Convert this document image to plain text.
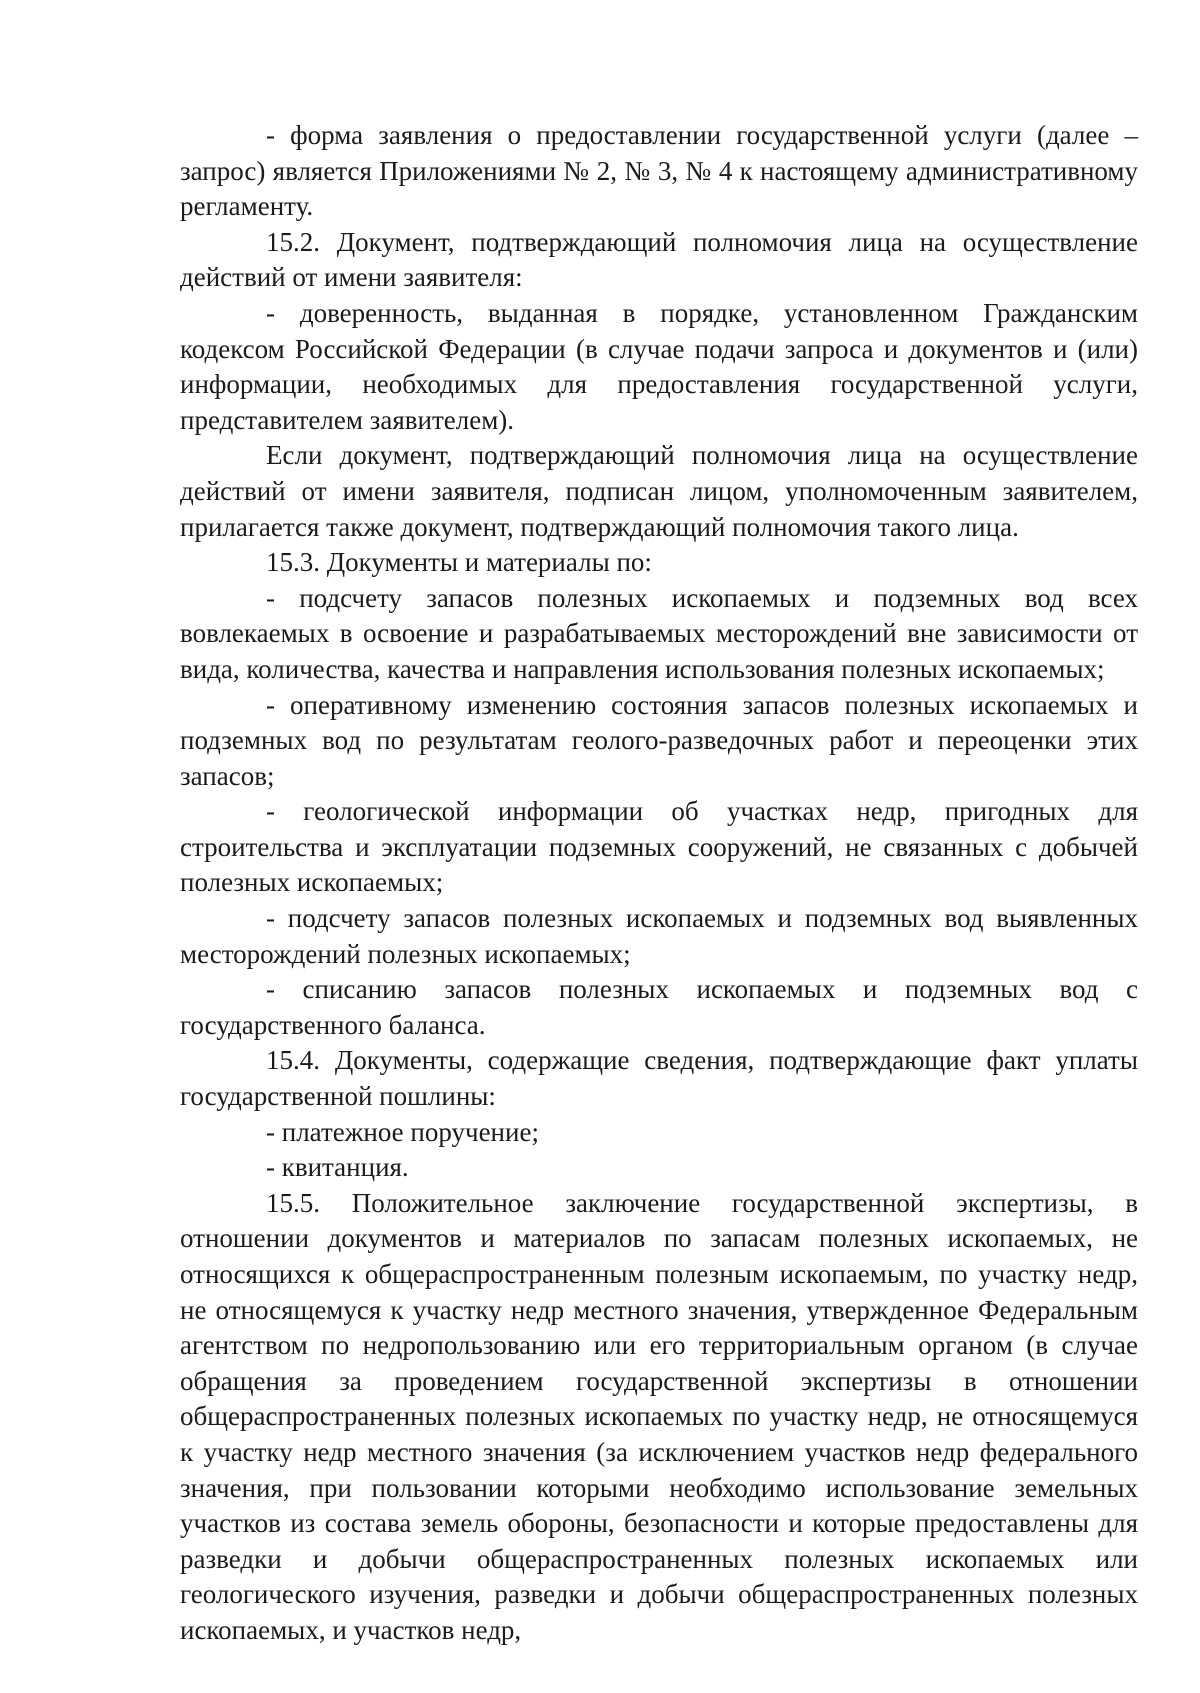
- форма заявления о предоставлении государственной услуги (далее – запрос) является Приложениями № 2, № 3, № 4 к настоящему административному регламенту.

15.2. Документ, подтверждающий полномочия лица на осуществление действий от имени заявителя:

- доверенность, выданная в порядке, установленном Гражданским кодексом Российской Федерации (в случае подачи запроса и документов и (или) информации, необходимых для предоставления государственной услуги, представителем заявителем).

Если документ, подтверждающий полномочия лица на осуществление действий от имени заявителя, подписан лицом, уполномоченным заявителем, прилагается также документ, подтверждающий полномочия такого лица.

15.3. Документы и материалы по:

- подсчету запасов полезных ископаемых и подземных вод всех вовлекаемых в освоение и разрабатываемых месторождений вне зависимости от вида, количества, качества и направления использования полезных ископаемых;

- оперативному изменению состояния запасов полезных ископаемых и подземных вод по результатам геолого-разведочных работ и переоценки этих запасов;

- геологической информации об участках недр, пригодных для строительства и эксплуатации подземных сооружений, не связанных с добычей полезных ископаемых;

- подсчету запасов полезных ископаемых и подземных вод выявленных месторождений полезных ископаемых;

- списанию запасов полезных ископаемых и подземных вод с государственного баланса.

15.4. Документы, содержащие сведения, подтверждающие факт уплаты государственной пошлины:

- платежное поручение;

- квитанция.

15.5. Положительное заключение государственной экспертизы, в отношении документов и материалов по запасам полезных ископаемых, не относящихся к общераспространенным полезным ископаемым, по участку недр, не относящемуся к участку недр местного значения, утвержденное Федеральным агентством по недропользованию или его территориальным органом (в случае обращения за проведением государственной экспертизы в отношении общераспространенных полезных ископаемых по участку недр, не относящемуся к участку недр местного значения (за исключением участков недр федерального значения, при пользовании которыми необходимо использование земельных участков из состава земель обороны, безопасности и которые предоставлены для разведки и добычи общераспространенных полезных ископаемых или геологического изучения, разведки и добычи общераспространенных полезных ископаемых, и участков недр,
